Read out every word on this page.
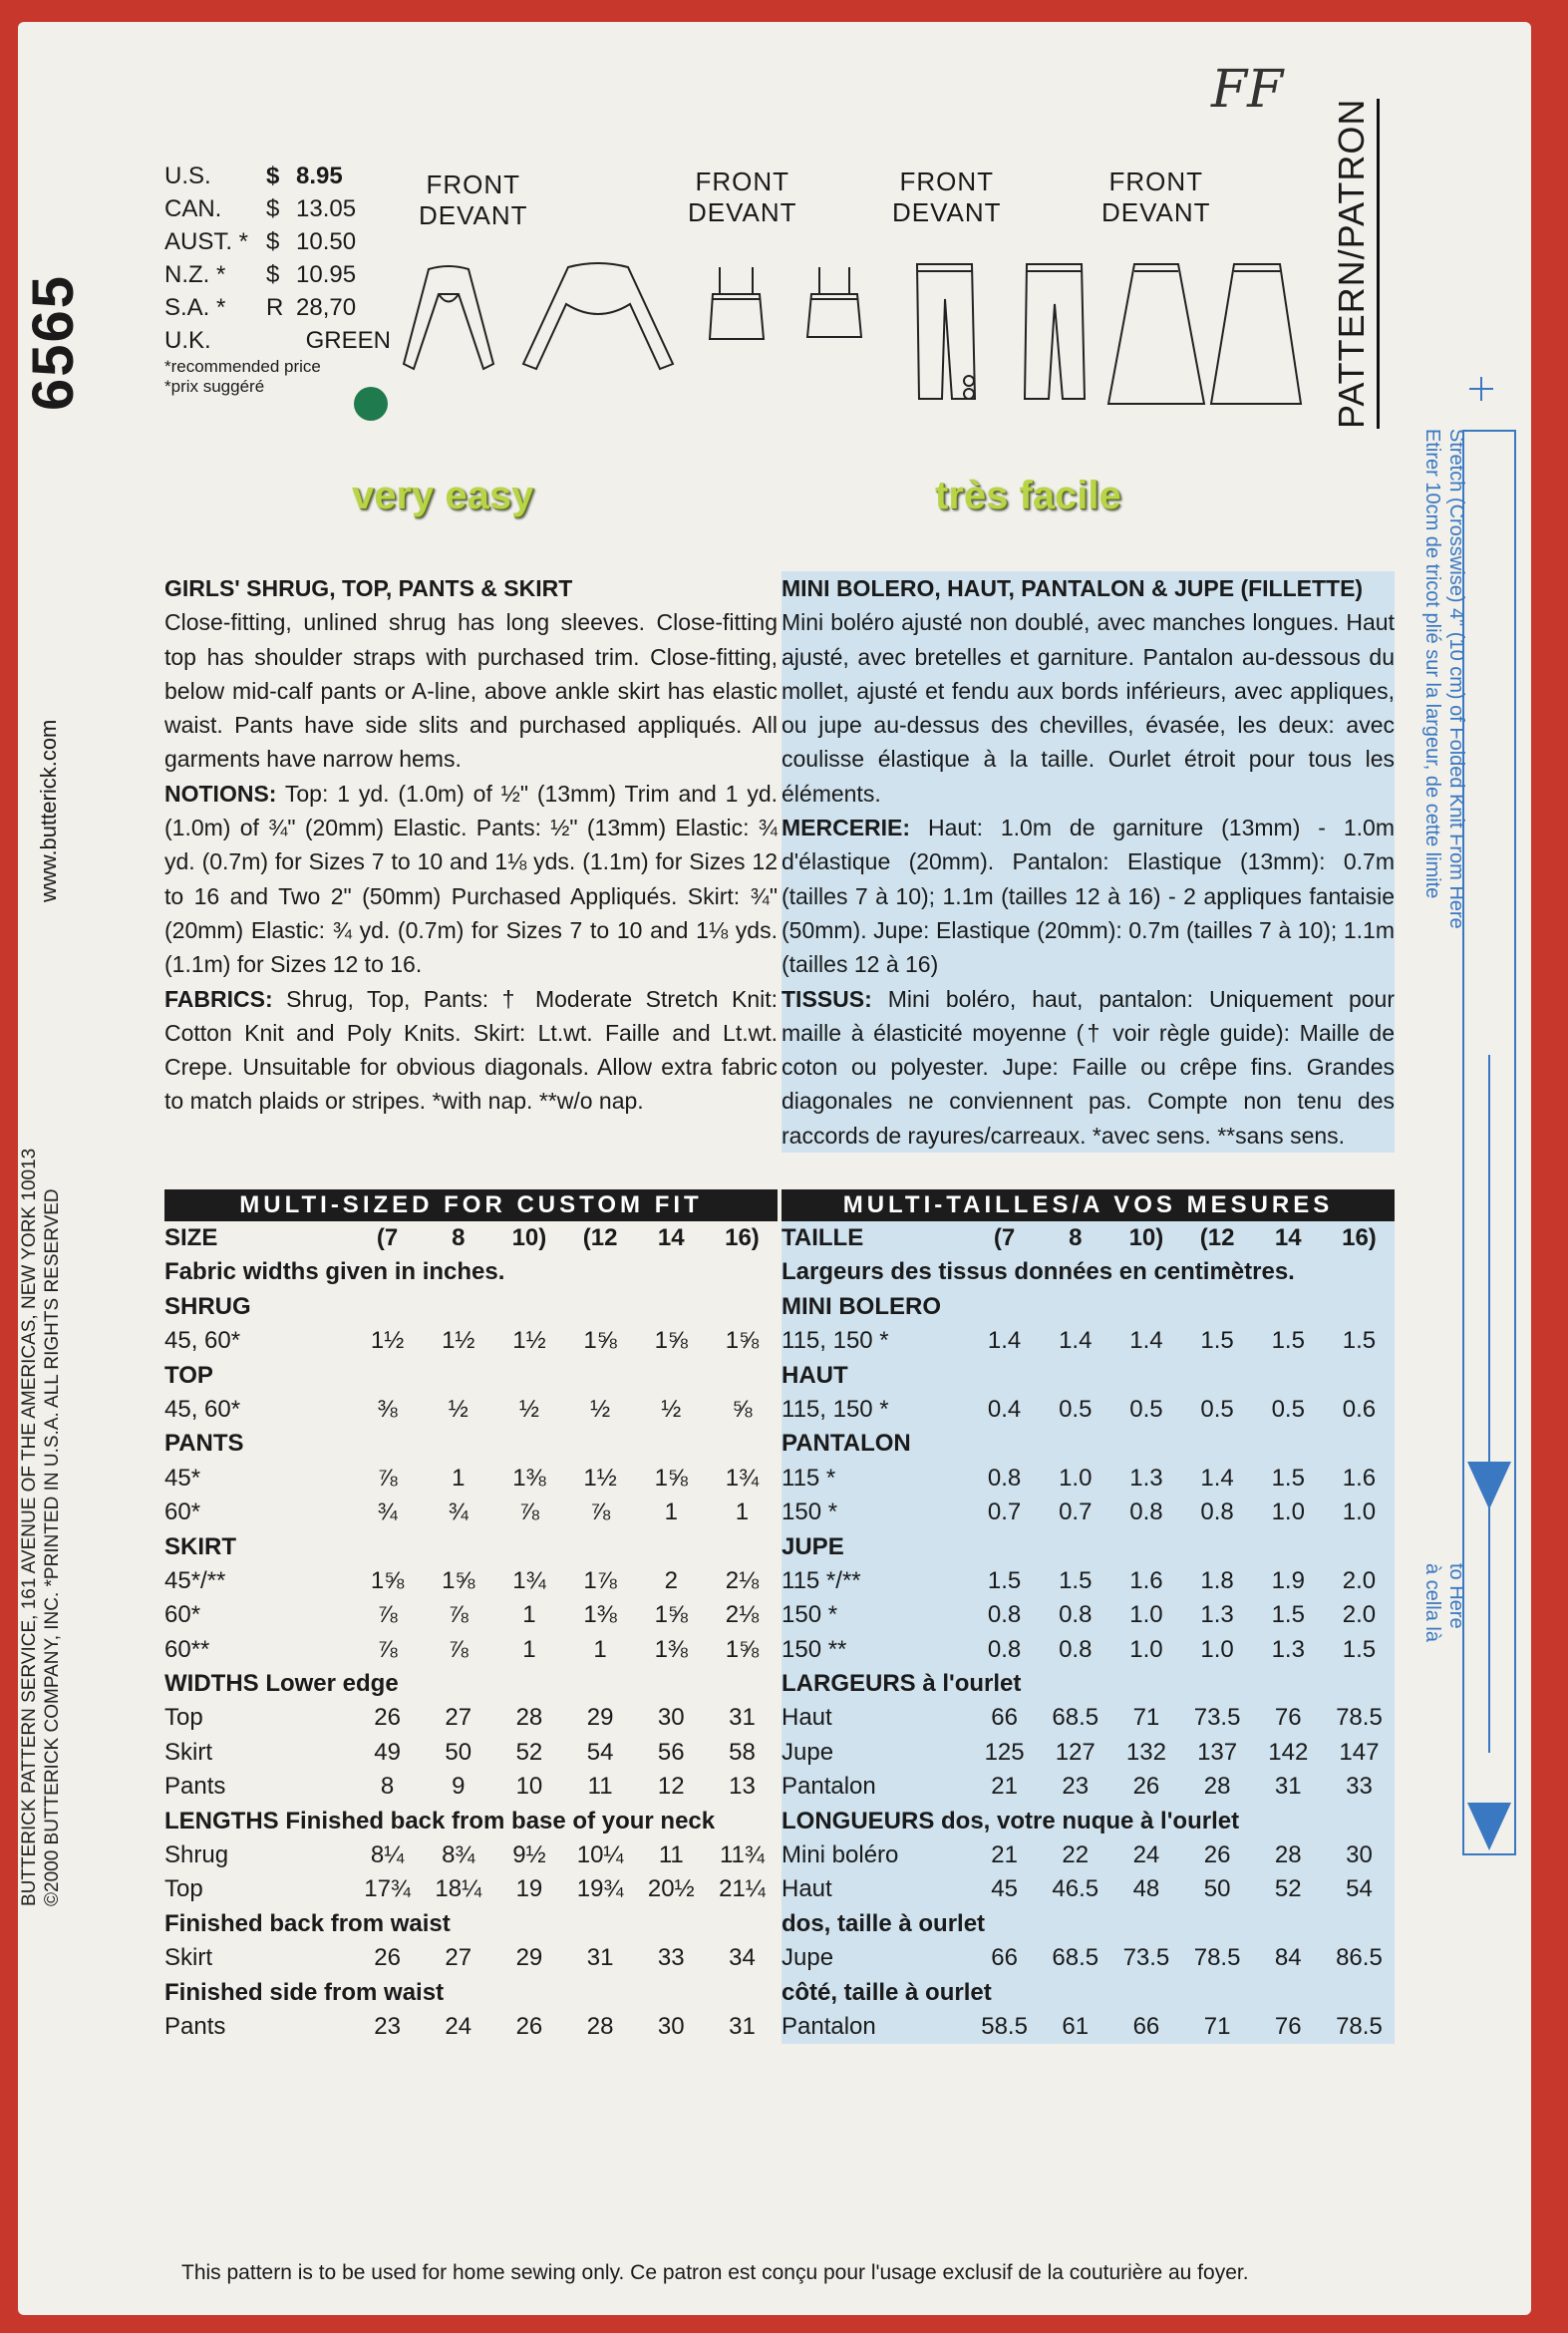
6565
www.butterick.com
BUTTERICK PATTERN SERVICE, 161 AVENUE OF THE AMERICAS, NEW YORK 10013 ©2000 BUTTERICK COMPANY, INC. *PRINTED IN U.S.A. ALL RIGHTS RESERVED
FF
U.S.	$ 8.95
CAN.	$ 13.05
AUST. * $ 10.50
N.Z. *	$ 10.95
S.A. *	R 28,70
U.K.	GREEN
*recommended price
*prix suggéré
FRONT
DEVANT
FRONT
DEVANT
FRONT
DEVANT
FRONT
DEVANT	PATTERN/PATRON
very easy	très facile
GIRLS' SHRUG, TOP, PANTS & SKIRT
Close-fitting, unlined shrug has long sleeves. Close-fitting top has shoulder straps with purchased trim. Close-fitting, below mid-calf pants or A-line, above ankle skirt has elastic waist. Pants have side slits and purchased appliqués. All garments have narrow hems.
NOTIONS: Top: 1 yd. (1.0m) of ½" (13mm) Trim and 1 yd. (1.0m) of ¾" (20mm) Elastic. Pants: ½" (13mm) Elastic: ¾ yd. (0.7m) for Sizes 7 to 10 and 1⅛ yds. (1.1m) for Sizes 12 to 16 and Two 2" (50mm) Purchased Appliqués. Skirt: ¾" (20mm) Elastic: ¾ yd. (0.7m) for Sizes 7 to 10 and 1⅛ yds. (1.1m) for Sizes 12 to 16.
FABRICS: Shrug, Top, Pants: † Moderate Stretch Knit: Cotton Knit and Poly Knits. Skirt: Lt.wt. Faille and Lt.wt. Crepe. Unsuitable for obvious diagonals. Allow extra fabric to match plaids or stripes. *with nap. **w/o nap.
MINI BOLERO, HAUT, PANTALON & JUPE (FILLETTE)
Mini boléro ajusté non doublé, avec manches longues. Haut ajusté, avec bretelles et garniture. Pantalon au-dessous du mollet, ajusté et fendu aux bords inférieurs, avec appliques, ou jupe au-dessus des chevilles, évasée, les deux: avec coulisse élastique à la taille. Ourlet étroit pour tous les éléments.
MERCERIE: Haut: 1.0m de garniture (13mm) - 1.0m d'élastique (20mm). Pantalon: Elastique (13mm): 0.7m (tailles 7 à 10); 1.1m (tailles 12 à 16) - 2 appliques fantaisie (50mm). Jupe: Elastique (20mm): 0.7m (tailles 7 à 10); 1.1m (tailles 12 à 16)
TISSUS: Mini boléro, haut, pantalon: Uniquement pour maille à élasticité moyenne († voir règle guide): Maille de coton ou polyester. Jupe: Faille ou crêpe fins. Grandes diagonales ne conviennent pas. Compte non tenu des raccords de rayures/carreaux. *avec sens. **sans sens.
Stretch (Crosswise) 4" (10 cm) of Folded Knit From Here
Etirer 10cm de tricot plié sur la largeur, de cette limite
to Here
à cella là
MULTI-SIZED FOR CUSTOM FIT
SIZE	(7	8	10)	(12	14	16)
Fabric widths given in inches.
SHRUG
45, 60*	1½	1½	1½	1⅝	1⅝	1⅝
TOP
45, 60*	⅜	½	½	½	½	⅝
PANTS
45*	⅞	1	1⅜	1½	1⅝	1¾
60*	¾	¾	⅞	⅞	1	1
SKIRT
45*/**	1⅝	1⅝	1¾	1⅞	2	2⅛
60*	⅞	⅞	1	1⅜	1⅝	2⅛
60**	⅞	⅞	1	1	1⅜	1⅝
WIDTHS Lower edge
Top	26	27	28	29	30	31
Skirt	49	50	52	54	56	58
Pants	8	9	10	11	12	13
LENGTHS Finished back from base of your neck
Shrug	8¼	8¾	9½	10¼	11	11¾
Top	17¾	18¼	19	19¾	20½	21¼
Finished back from waist
Skirt	26	27	29	31	33	34
Finished side from waist
Pants	23	24	26	28	30	31
MULTI-TAILLES/A VOS MESURES
TAILLE	(7	8	10)	(12	14	16)
Largeurs des tissus données en centimètres.
MINI BOLERO
115, 150 *	1.4	1.4	1.4	1.5	1.5	1.5
HAUT
115, 150 *	0.4	0.5	0.5	0.5	0.5	0.6
PANTALON
115 *	0.8	1.0	1.3	1.4	1.5	1.6
150 *	0.7	0.7	0.8	0.8	1.0	1.0
JUPE
115 */**	1.5	1.5	1.6	1.8	1.9	2.0
150 *	0.8	0.8	1.0	1.3	1.5	2.0
150 **	0.8	0.8	1.0	1.0	1.3	1.5
LARGEURS à l'ourlet
Haut	66	68.5	71	73.5	76	78.5
Jupe	125	127	132	137	142	147
Pantalon	21	23	26	28	31	33
LONGUEURS dos, votre nuque à l'ourlet
Mini boléro	21	22	24	26	28	30
Haut	45	46.5	48	50	52	54
dos, taille à ourlet
Jupe	66	68.5	73.5	78.5	84	86.5
côté, taille à ourlet
Pantalon	58.5	61	66	71	76	78.5
This pattern is to be used for home sewing only. Ce patron est conçu pour l'usage exclusif de la couturière au foyer.
